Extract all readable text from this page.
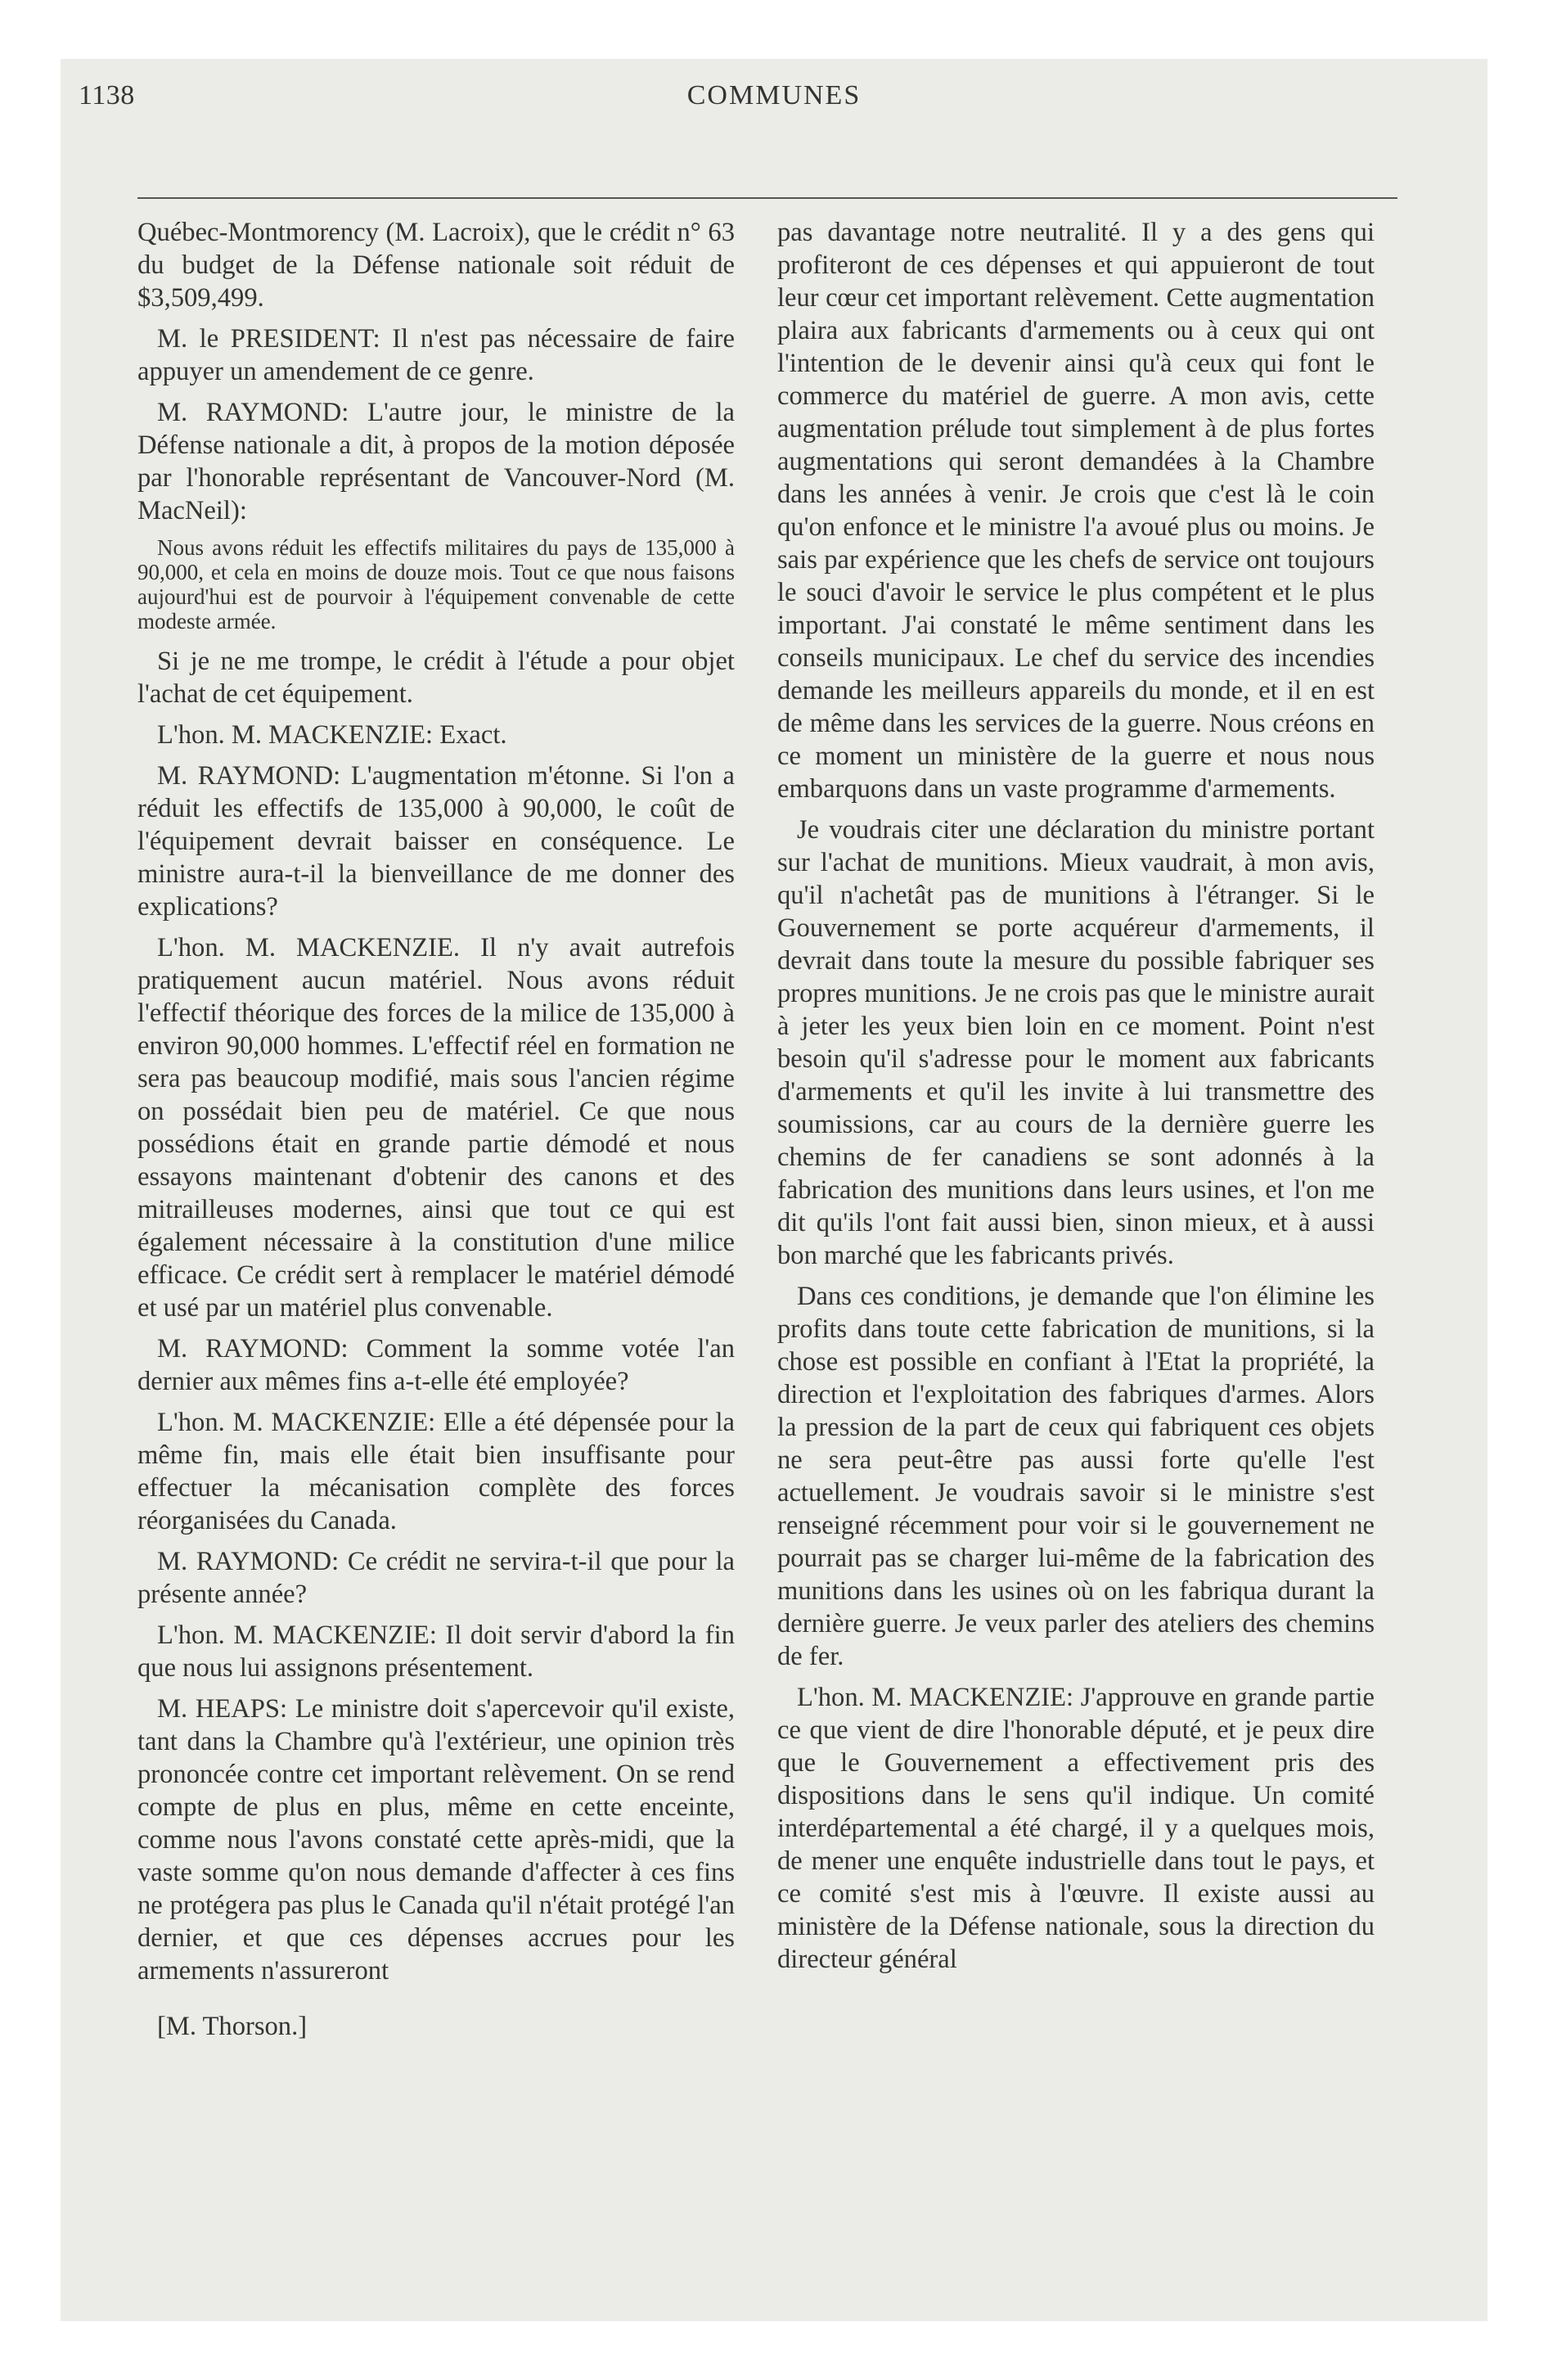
1138	COMMUNES

Québec-Montmorency (M. Lacroix), que le crédit n° 63 du budget de la Défense nationale soit réduit de $3,509,499.

M. le PRESIDENT: Il n'est pas nécessaire de faire appuyer un amendement de ce genre.

M. RAYMOND: L'autre jour, le ministre de la Défense nationale a dit, à propos de la motion déposée par l'honorable représentant de Vancouver-Nord (M. MacNeil):

Nous avons réduit les effectifs militaires du pays de 135,000 à 90,000, et cela en moins de douze mois. Tout ce que nous faisons aujourd'hui est de pourvoir à l'équipement convenable de cette modeste armée.

Si je ne me trompe, le crédit à l'étude a pour objet l'achat de cet équipement.

L'hon. M. MACKENZIE: Exact.

M. RAYMOND: L'augmentation m'étonne. Si l'on a réduit les effectifs de 135,000 à 90,000, le coût de l'équipement devrait baisser en conséquence. Le ministre aura-t-il la bienveillance de me donner des explications?

L'hon. M. MACKENZIE. Il n'y avait autrefois pratiquement aucun matériel. Nous avons réduit l'effectif théorique des forces de la milice de 135,000 à environ 90,000 hommes. L'effectif réel en formation ne sera pas beaucoup modifié, mais sous l'ancien régime on possédait bien peu de matériel. Ce que nous possédions était en grande partie démodé et nous essayons maintenant d'obtenir des canons et des mitrailleuses modernes, ainsi que tout ce qui est également nécessaire à la constitution d'une milice efficace. Ce crédit sert à remplacer le matériel démodé et usé par un matériel plus convenable.

M. RAYMOND: Comment la somme votée l'an dernier aux mêmes fins a-t-elle été employée?

L'hon. M. MACKENZIE: Elle a été dépensée pour la même fin, mais elle était bien insuffisante pour effectuer la mécanisation complète des forces réorganisées du Canada.

M. RAYMOND: Ce crédit ne servira-t-il que pour la présente année?

L'hon. M. MACKENZIE: Il doit servir d'abord la fin que nous lui assignons présentement.

M. HEAPS: Le ministre doit s'apercevoir qu'il existe, tant dans la Chambre qu'à l'extérieur, une opinion très prononcée contre cet important relèvement. On se rend compte de plus en plus, même en cette enceinte, comme nous l'avons constaté cette après-midi, que la vaste somme qu'on nous demande d'affecter à ces fins ne protégera pas plus le Canada qu'il n'était protégé l'an dernier, et que ces dépenses accrues pour les armements n'assureront

[M. Thorson.]

pas davantage notre neutralité. Il y a des gens qui profiteront de ces dépenses et qui appuieront de tout leur cœur cet important relèvement. Cette augmentation plaira aux fabricants d'armements ou à ceux qui ont l'intention de le devenir ainsi qu'à ceux qui font le commerce du matériel de guerre. A mon avis, cette augmentation prélude tout simplement à de plus fortes augmentations qui seront demandées à la Chambre dans les années à venir. Je crois que c'est là le coin qu'on enfonce et le ministre l'a avoué plus ou moins. Je sais par expérience que les chefs de service ont toujours le souci d'avoir le service le plus compétent et le plus important. J'ai constaté le même sentiment dans les conseils municipaux. Le chef du service des incendies demande les meilleurs appareils du monde, et il en est de même dans les services de la guerre. Nous créons en ce moment un ministère de la guerre et nous nous embarquons dans un vaste programme d'armements.

Je voudrais citer une déclaration du ministre portant sur l'achat de munitions. Mieux vaudrait, à mon avis, qu'il n'achetât pas de munitions à l'étranger. Si le Gouvernement se porte acquéreur d'armements, il devrait dans toute la mesure du possible fabriquer ses propres munitions. Je ne crois pas que le ministre aurait à jeter les yeux bien loin en ce moment. Point n'est besoin qu'il s'adresse pour le moment aux fabricants d'armements et qu'il les invite à lui transmettre des soumissions, car au cours de la dernière guerre les chemins de fer canadiens se sont adonnés à la fabrication des munitions dans leurs usines, et l'on me dit qu'ils l'ont fait aussi bien, sinon mieux, et à aussi bon marché que les fabricants privés.

Dans ces conditions, je demande que l'on élimine les profits dans toute cette fabrication de munitions, si la chose est possible en confiant à l'Etat la propriété, la direction et l'exploitation des fabriques d'armes. Alors la pression de la part de ceux qui fabriquent ces objets ne sera peut-être pas aussi forte qu'elle l'est actuellement. Je voudrais savoir si le ministre s'est renseigné récemment pour voir si le gouvernement ne pourrait pas se charger lui-même de la fabrication des munitions dans les usines où on les fabriqua durant la dernière guerre. Je veux parler des ateliers des chemins de fer.

L'hon. M. MACKENZIE: J'approuve en grande partie ce que vient de dire l'honorable député, et je peux dire que le Gouvernement a effectivement pris des dispositions dans le sens qu'il indique. Un comité interdépartemental a été chargé, il y a quelques mois, de mener une enquête industrielle dans tout le pays, et ce comité s'est mis à l'œuvre. Il existe aussi au ministère de la Défense nationale, sous la direction du directeur général
